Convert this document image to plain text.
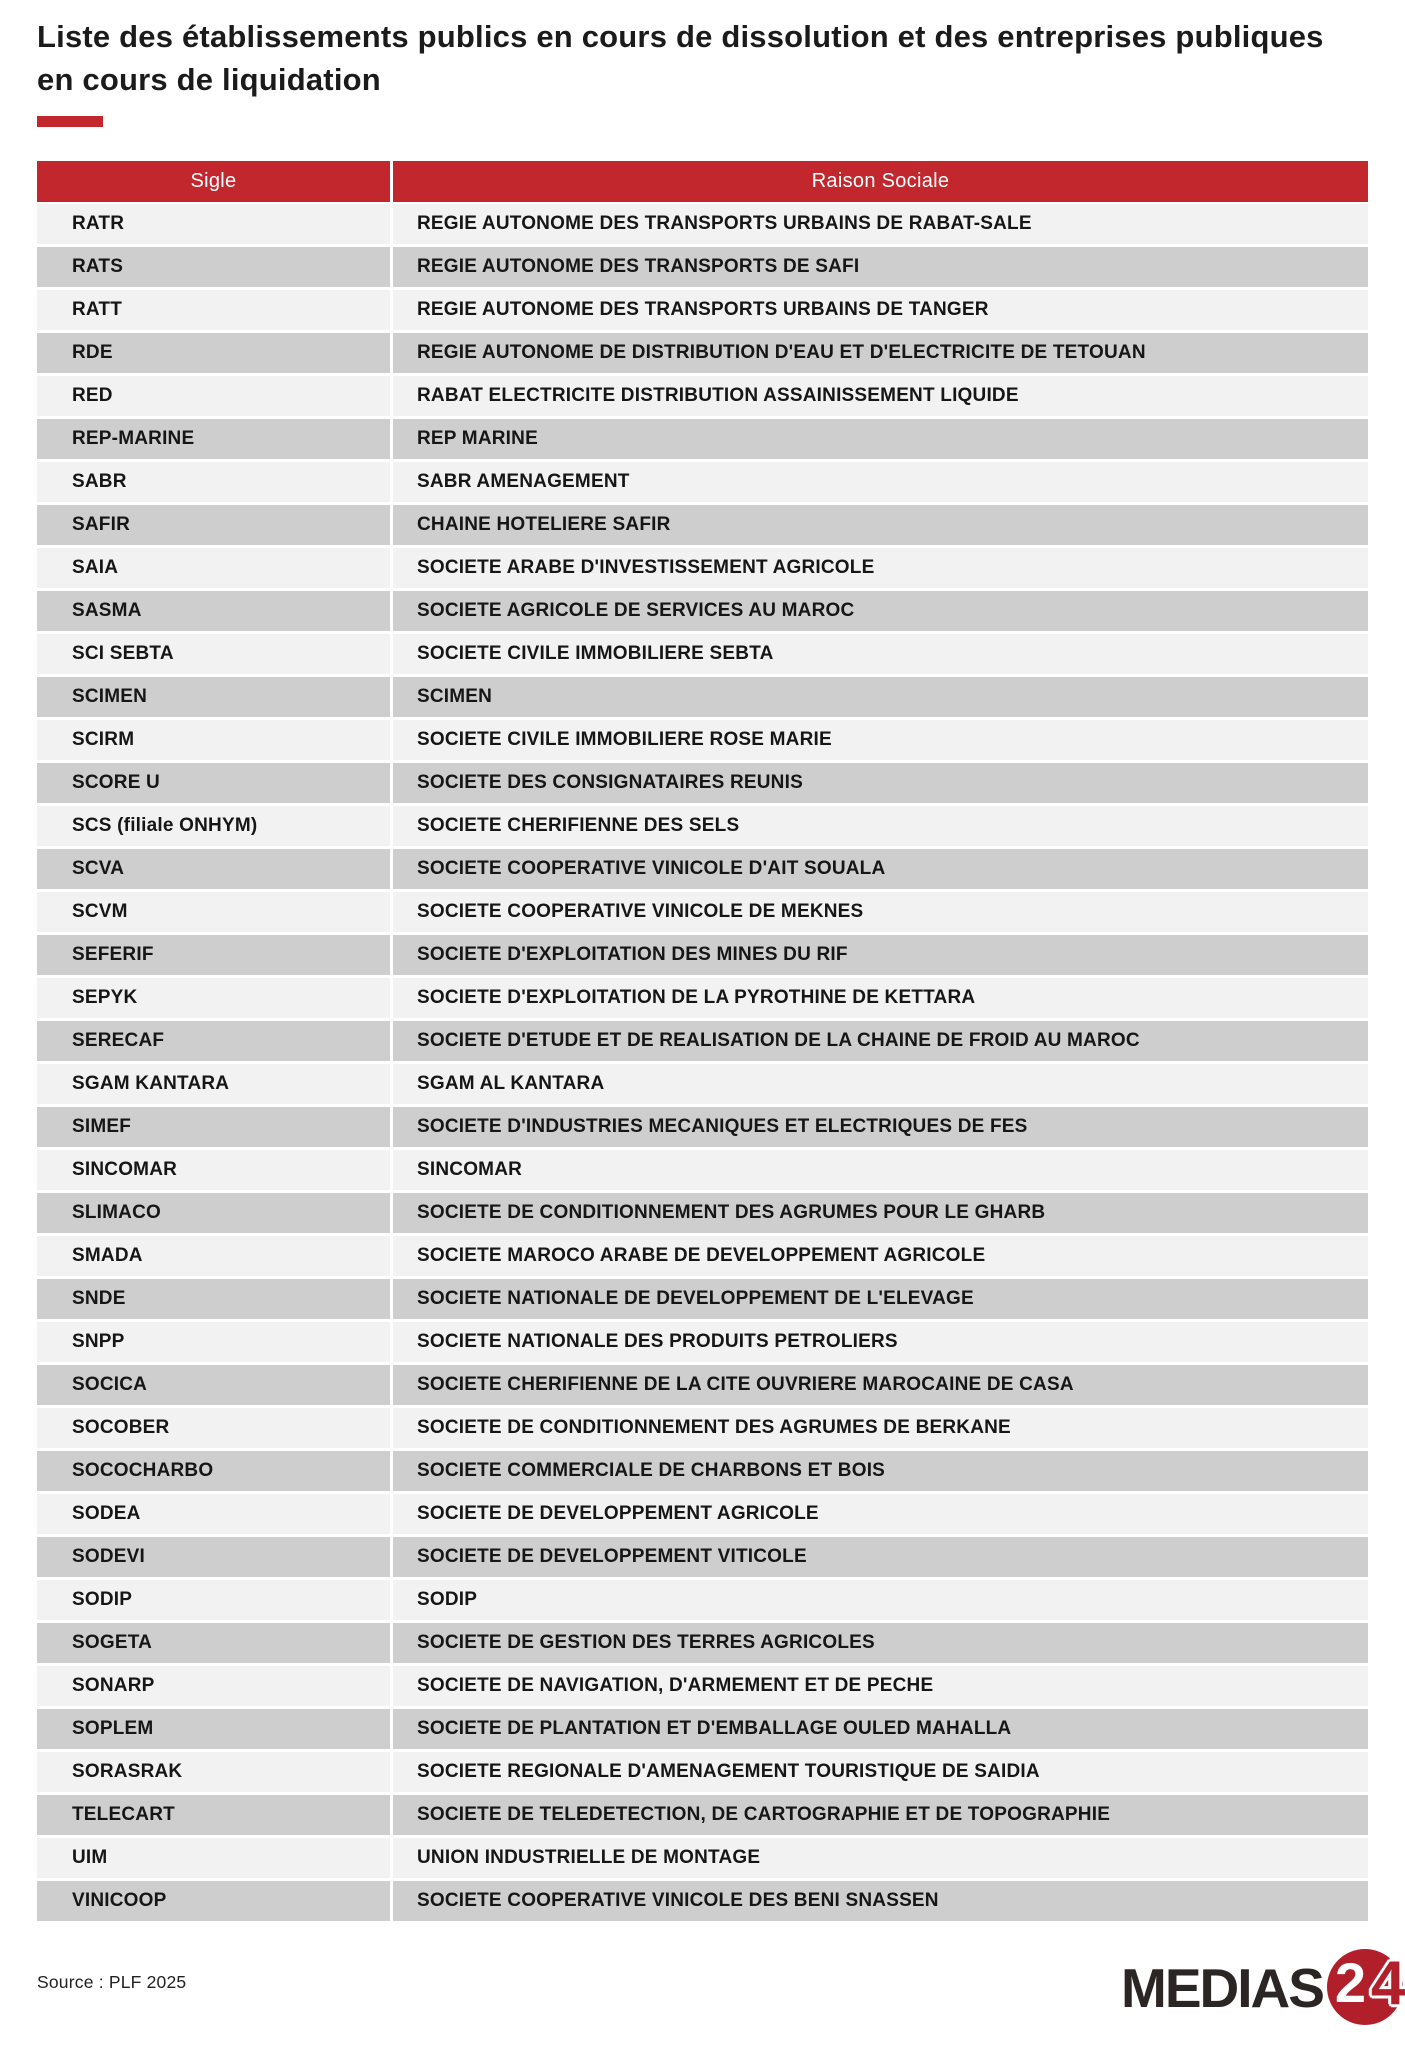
Liste des établissements publics en cours de dissolution et des entreprises publiques en cours de liquidation
Sigle	Raison Sociale
RATR	REGIE AUTONOME DES TRANSPORTS URBAINS DE RABAT-SALE
RATS	REGIE AUTONOME DES TRANSPORTS DE SAFI
RATT	REGIE AUTONOME DES TRANSPORTS URBAINS DE TANGER
RDE	REGIE AUTONOME DE DISTRIBUTION D'EAU ET D'ELECTRICITE DE TETOUAN
RED	RABAT ELECTRICITE DISTRIBUTION ASSAINISSEMENT LIQUIDE
REP-MARINE	REP MARINE
SABR	SABR AMENAGEMENT
SAFIR	CHAINE HOTELIERE SAFIR
SAIA	SOCIETE ARABE D'INVESTISSEMENT AGRICOLE
SASMA	SOCIETE AGRICOLE DE SERVICES AU MAROC
SCI SEBTA	SOCIETE CIVILE IMMOBILIERE SEBTA
SCIMEN	SCIMEN
SCIRM	SOCIETE CIVILE IMMOBILIERE ROSE MARIE
SCORE U	SOCIETE DES CONSIGNATAIRES REUNIS
SCS (filiale ONHYM)	SOCIETE CHERIFIENNE DES SELS
SCVA	SOCIETE COOPERATIVE VINICOLE D'AIT SOUALA
SCVM	SOCIETE COOPERATIVE VINICOLE DE MEKNES
SEFERIF	SOCIETE D'EXPLOITATION DES MINES DU RIF
SEPYK	SOCIETE D'EXPLOITATION DE LA PYROTHINE DE KETTARA
SERECAF	SOCIETE D'ETUDE ET DE REALISATION DE LA CHAINE DE FROID AU MAROC
SGAM KANTARA	SGAM AL KANTARA
SIMEF	SOCIETE D'INDUSTRIES MECANIQUES ET ELECTRIQUES DE FES
SINCOMAR	SINCOMAR
SLIMACO	SOCIETE DE CONDITIONNEMENT DES AGRUMES POUR LE GHARB
SMADA	SOCIETE MAROCO ARABE DE DEVELOPPEMENT AGRICOLE
SNDE	SOCIETE NATIONALE DE DEVELOPPEMENT DE L'ELEVAGE
SNPP	SOCIETE NATIONALE DES PRODUITS PETROLIERS
SOCICA	SOCIETE CHERIFIENNE DE LA CITE OUVRIERE MAROCAINE DE CASA
SOCOBER	SOCIETE DE CONDITIONNEMENT DES AGRUMES DE BERKANE
SOCOCHARBO	SOCIETE COMMERCIALE DE CHARBONS ET BOIS
SODEA	SOCIETE DE DEVELOPPEMENT AGRICOLE
SODEVI	SOCIETE DE DEVELOPPEMENT VITICOLE
SODIP	SODIP
SOGETA	SOCIETE DE GESTION DES TERRES AGRICOLES
SONARP	SOCIETE DE NAVIGATION, D'ARMEMENT ET DE PECHE
SOPLEM	SOCIETE DE PLANTATION ET D'EMBALLAGE OULED MAHALLA
SORASRAK	SOCIETE REGIONALE D'AMENAGEMENT TOURISTIQUE DE SAIDIA
TELECART	SOCIETE DE TELEDETECTION, DE CARTOGRAPHIE ET DE TOPOGRAPHIE
UIM	UNION INDUSTRIELLE DE MONTAGE
VINICOOP	SOCIETE COOPERATIVE VINICOLE DES BENI SNASSEN
Source : PLF 2025	MEDIAS 2 4
